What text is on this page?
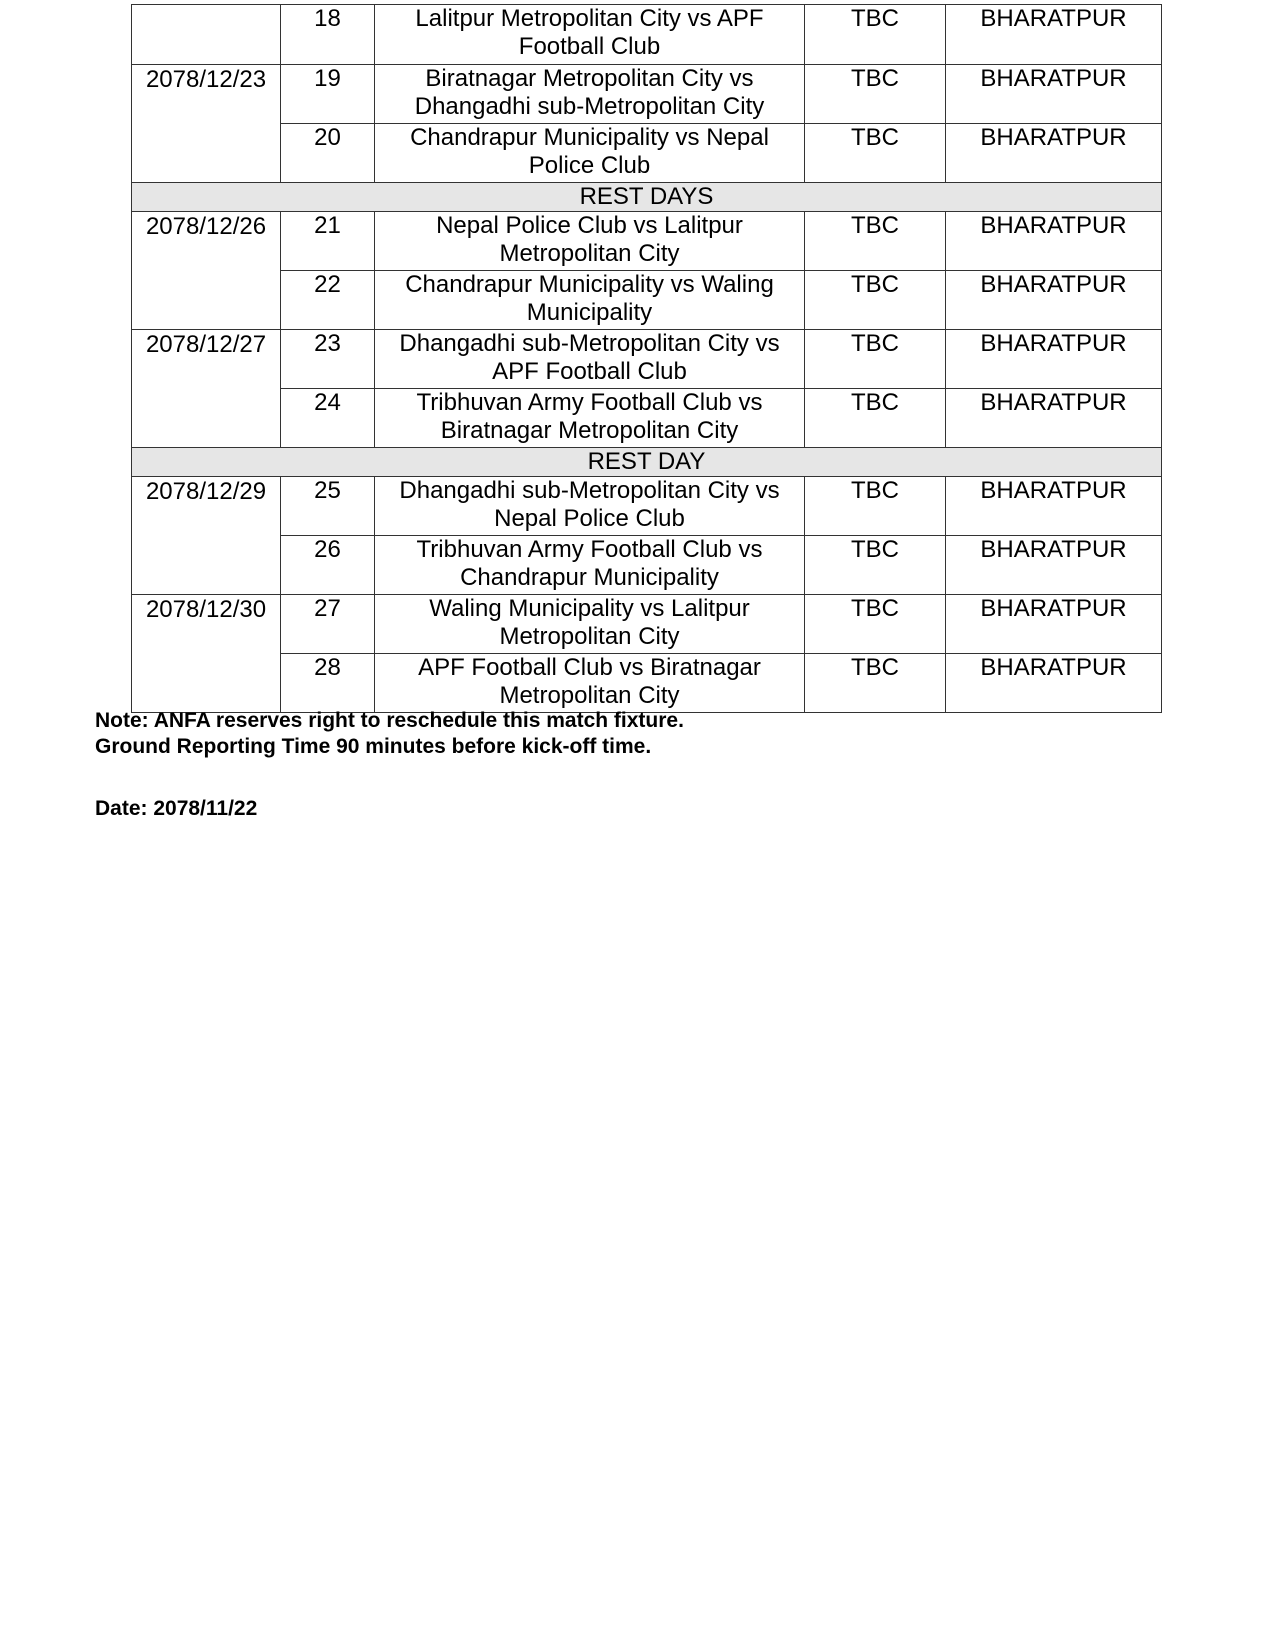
	18	Lalitpur Metropolitan City vs APF Football Club	TBC	BHARATPUR
2078/12/23	19	Biratnagar Metropolitan City vs Dhangadhi sub-Metropolitan City	TBC	BHARATPUR
	20	Chandrapur Municipality vs Nepal Police Club	TBC	BHARATPUR
REST DAYS				
2078/12/26	21	Nepal Police Club vs Lalitpur Metropolitan City	TBC	BHARATPUR
	22	Chandrapur Municipality vs Waling Municipality	TBC	BHARATPUR
2078/12/27	23	Dhangadhi sub-Metropolitan City vs APF Football Club	TBC	BHARATPUR
	24	Tribhuvan Army Football Club vs Biratnagar Metropolitan City	TBC	BHARATPUR
REST DAY				
2078/12/29	25	Dhangadhi sub-Metropolitan City vs Nepal Police Club	TBC	BHARATPUR
	26	Tribhuvan Army Football Club vs Chandrapur Municipality	TBC	BHARATPUR
2078/12/30	27	Waling Municipality vs Lalitpur Metropolitan City	TBC	BHARATPUR
	28	APF Football Club vs Biratnagar Metropolitan City	TBC	BHARATPUR
Note: ANFA reserves right to reschedule this match fixture.
Ground Reporting Time 90 minutes before kick-off time.
Date: 2078/11/22
